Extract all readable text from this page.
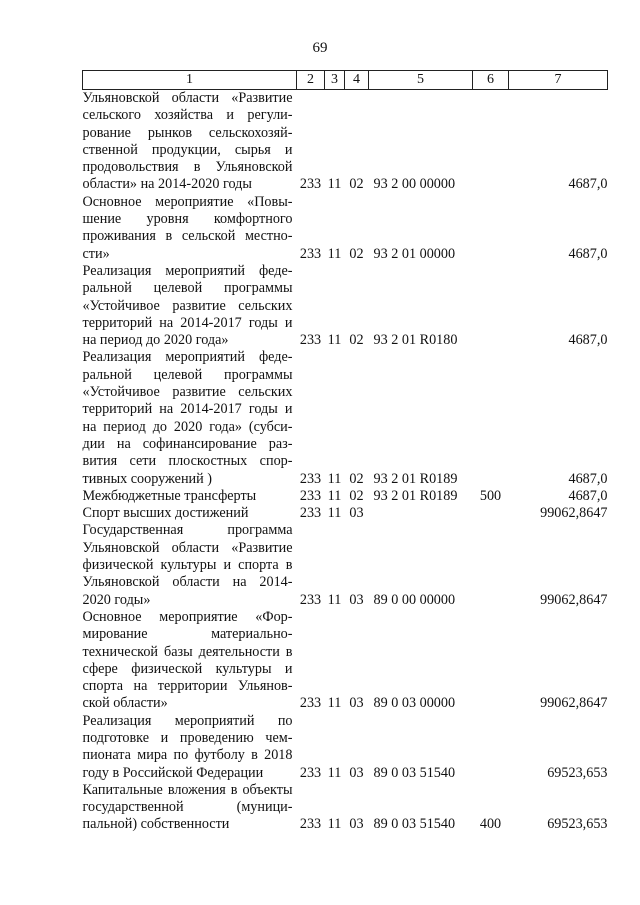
69
1	2	3	4	5	6	7
Ульяновской области «Развитие сельского хозяйства и регулирование рынков сельскохозяйственной продукции, сырья и продовольствия в Ульяновской области» на 2014-2020 годы	233	11	02	93 2 00 00000		4687,0
Основное мероприятие «Повышение уровня комфортного проживания в сельской местности»	233	11	02	93 2 01 00000		4687,0
Реализация мероприятий федеральной целевой программы «Устойчивое развитие сельских территорий на 2014-2017 годы и на период до 2020 года»	233	11	02	93 2 01 R0180		4687,0
Реализация мероприятий федеральной целевой программы «Устойчивое развитие сельских территорий на 2014-2017 годы и на период до 2020 года» (субсидии на софинансирование развития сети плоскостных спортивных сооружений )	233	11	02	93 2 01 R0189		4687,0
Межбюджетные трансферты	233	11	02	93 2 01 R0189	500	4687,0
Спорт высших достижений	233	11	03			99062,8647
Государственная программа Ульяновской области «Развитие физической культуры и спорта в Ульяновской области на 2014-2020 годы»	233	11	03	89 0 00 00000		99062,8647
Основное мероприятие «Формирование материально-технической базы деятельности в сфере физической культуры и спорта на территории Ульяновской области»	233	11	03	89 0 03 00000		99062,8647
Реализация мероприятий по подготовке и проведению чемпионата мира по футболу в 2018 году в Российской Федерации	233	11	03	89 0 03 51540		69523,653
Капитальные вложения в объекты государственной (муниципальной) собственности	233	11	03	89 0 03 51540	400	69523,653
